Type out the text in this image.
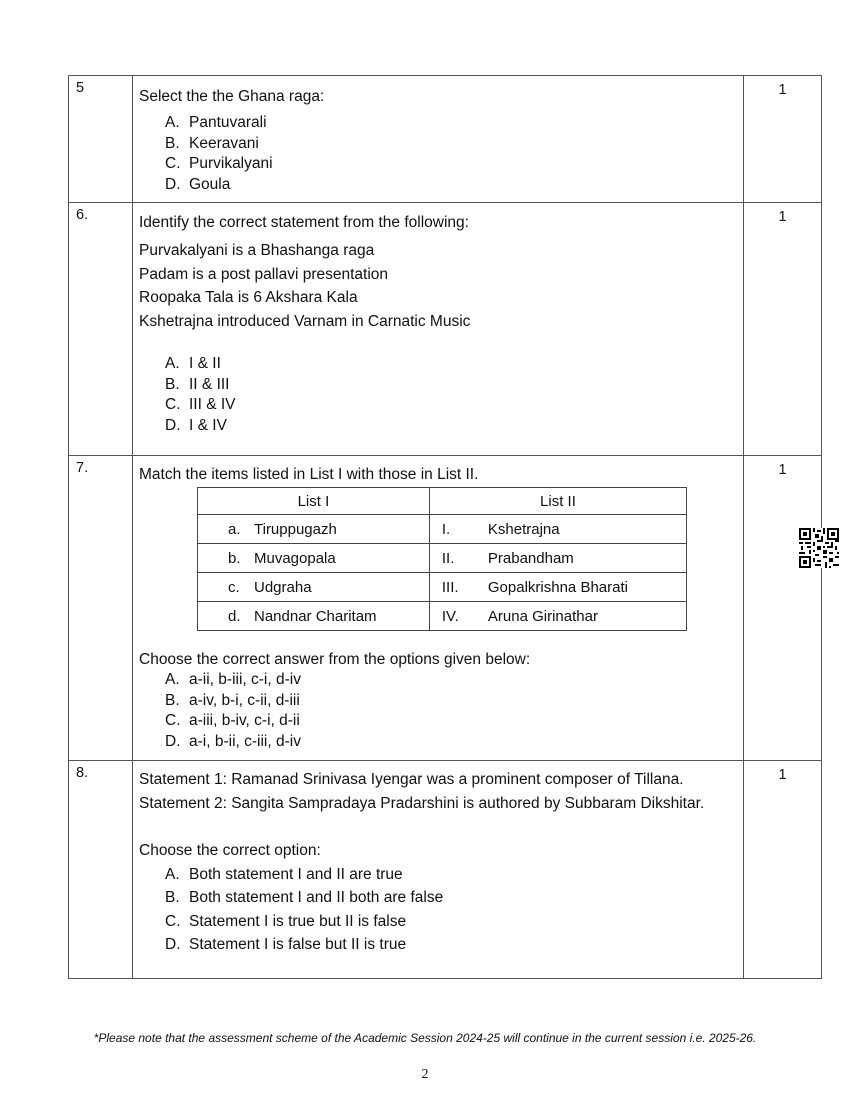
5	Select the the Ghana raga:

A. Pantuvarali
B. Keeravani
C. Purvikalyani
D. Goula
	1
6.	Identify the correct statement from the following:

Purvakalyani is a Bhashanga raga
Padam is a post pallavi presentation
Roopaka Tala is 6 Akshara Kala
Kshetrajna introduced Varnam in Carnatic Music
A. I & II
B. II & III
C. III & IV
D. I & IV
	1
7.	Match the items listed in List I with those in List II.

List I	List II
a. Tiruppugazh	I.	Kshetrajna
b. Muvagopala	II. Prabandham
c. Udgraha	III. Gopalkrishna Bharati
d. Nandnar Charitam	IV. Aruna Girinathar

Choose the correct answer from the options given below:

A. a-ii, b-iii, c-i, d-iv
B. a-iv, b-i, c-ii, d-iii
C. a-iii, b-iv, c-i, d-ii
D. a-i, b-ii, c-iii, d-iv
	1
8.	Statement 1: Ramanad Srinivasa Iyengar was a prominent composer of Tillana.
Statement 2: Sangita Sampradaya Pradarshini is authored by Subbaram Dikshitar.

Choose the correct option:

A. Both statement I and II are true
B. Both statement I and II both are false
C. Statement I is true but II is false
D. Statement I is false but II is true
	1
*Please note that the assessment scheme of the Academic Session 2024-25 will continue in the current session i.e. 2025-26.
2
